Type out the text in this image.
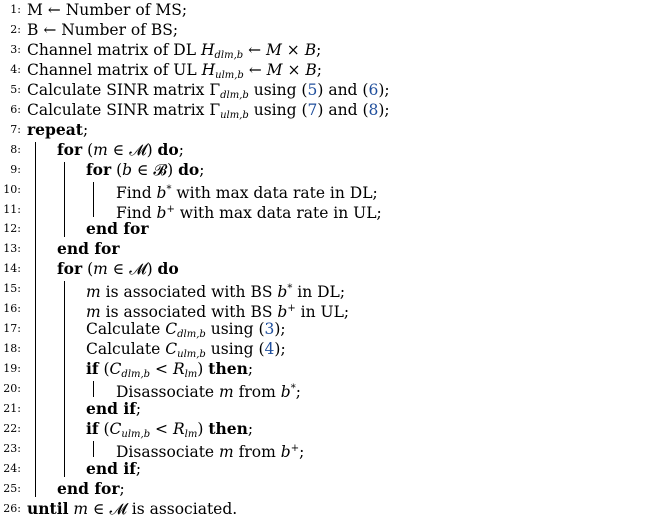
1: M ← Number of MS;
2: B ← Number of BS;
3: Channel matrix of DL $H_{dlm,b}$ ← M × B;
4: Channel matrix of UL $H_{ulm,b}$ ← M × B;
5: Calculate SINR matrix $\Gamma_{dlm,b}$ using (5) and (6);
6: Calculate SINR matrix $\Gamma_{ulm,b}$ using (7) and (8);
7: repeat;
8: for (m ∈ 𝓜) do;
9:	for (b ∈ 𝓑) do;
10:	Find b* with max data rate in DL;
11:	Find b+ with max data rate in UL;
12:	end for
13: end for
14: for (m ∈ 𝓜) do
15:	m is associated with BS b* in DL;
16:	m is associated with BS b+ in UL;
17:	Calculate $C_{dlm,b}$ using (3);
18:	Calculate $C_{ulm,b}$ using (4);
19:	if $(C_{dlm,b} < R_{lm})$ then;
20:	Disassociate m from b*;
21:	end if;
22:	if $(C_{ulm,b} < R_{lm})$ then;
23:	Disassociate m from b+;
24:	end if;
25: end for;
26: until m ∈ 𝓜 is associated.
